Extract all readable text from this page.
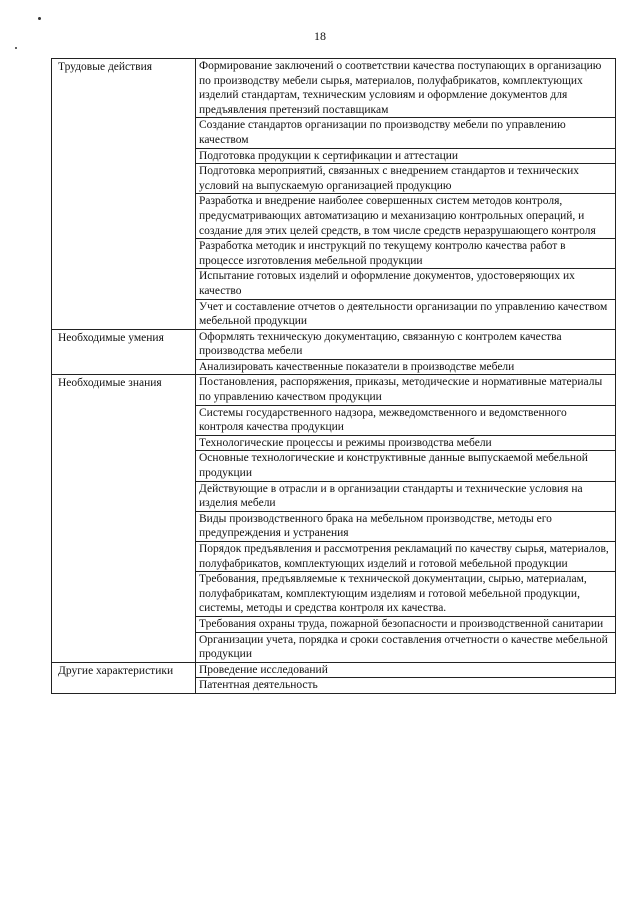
18
Трудовые действия	Формирование заключений о соответствии качества поступающих в организацию по производству мебели сырья, материалов, полуфабрикатов, комплектующих изделий стандартам, техническим условиям и оформление документов для предъявления претензий поставщикам
	Создание стандартов организации по производству мебели по управлению качеством
	Подготовка продукции к сертификации и аттестации
	Подготовка мероприятий, связанных с внедрением стандартов и технических условий на выпускаемую организацией продукцию
	Разработка и внедрение наиболее совершенных систем методов контроля, предусматривающих автоматизацию и механизацию контрольных операций, и создание для этих целей средств, в том числе средств неразрушающего контроля
	Разработка методик и инструкций по текущему контролю качества работ в процессе изготовления мебельной продукции
	Испытание готовых изделий и оформление документов, удостоверяющих их качество
	Учет и составление отчетов о деятельности организации по управлению качеством мебельной продукции
Необходимые умения	Оформлять техническую документацию, связанную с контролем качества производства мебели
	Анализировать качественные показатели в производстве мебели
Необходимые знания	Постановления, распоряжения, приказы, методические и нормативные материалы по управлению качеством продукции
	Системы государственного надзора, межведомственного и ведомственного контроля качества продукции
	Технологические процессы и режимы производства мебели
	Основные технологические и конструктивные данные выпускаемой мебельной продукции
	Действующие в отрасли и в организации стандарты и технические условия на изделия мебели
	Виды производственного брака на мебельном производстве, методы его предупреждения и устранения
	Порядок предъявления и рассмотрения рекламаций по качеству сырья, материалов, полуфабрикатов, комплектующих изделий и готовой мебельной продукции
	Требования, предъявляемые к технической документации, сырью, материалам, полуфабрикатам, комплектующим изделиям и готовой мебельной продукции, системы, методы и средства контроля их качества.
	Требования охраны труда, пожарной безопасности и производственной санитарии
	Организации учета, порядка и сроки составления отчетности о качестве мебельной продукции
Другие характеристики	Проведение исследований
	Патентная деятельность
